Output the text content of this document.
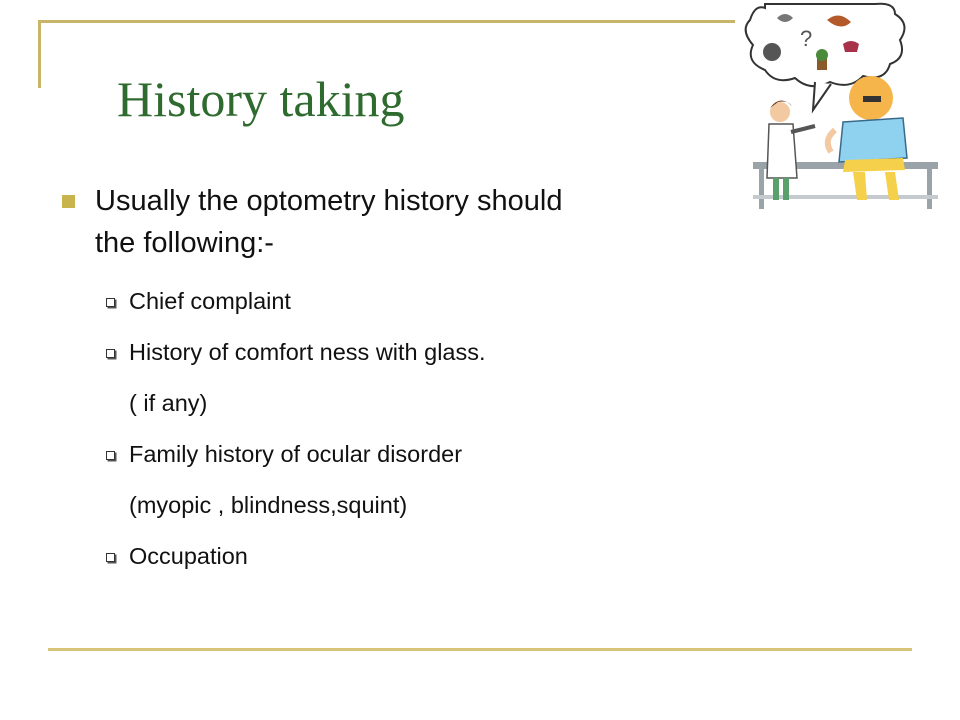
History taking
Usually the optometry history should
the following:-
Chief complaint
History of comfort ness with glass.
( if any)
Family history of ocular disorder
(myopic , blindness,squint)
Occupation
?
